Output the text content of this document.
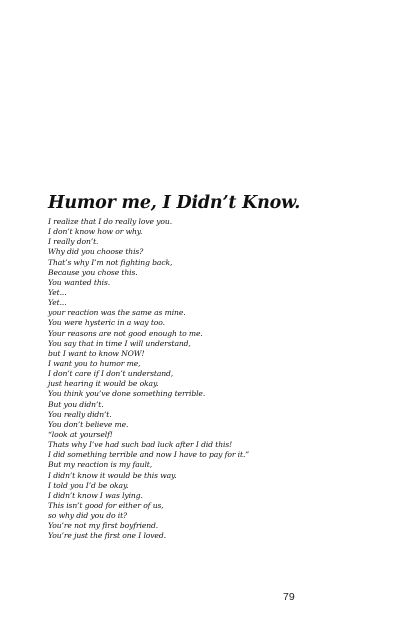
Humor me, I Didn’t Know.
I realize that I do really love you.
I don’t know how or why.
I really don’t.
Why did you choose this?
That’s why I’m not fighting back,
Because you chose this.
You wanted this.
Yet...
Yet...
your reaction was the same as mine.
You were hysteric in a way too.
Your reasons are not good enough to me.
You say that in time I will understand,
but I want to know NOW!
I want you to humor me,
I don’t care if I don’t understand,
just hearing it would be okay.
You think you’ve done something terrible.
But you didn’t.
You really didn’t.
You don’t believe me.
“look at yourself!
Thats why I’ve had such bad luck after I did this!
I did something terrible and now I have to pay for it.”
But my reaction is my fault,
I didn’t know it would be this way.
I told you I’d be okay.
I didn’t know I was lying.
This isn’t good for either of us,
so why did you do it?
You’re not my first boyfriend.
You’re just the first one I loved.
79
